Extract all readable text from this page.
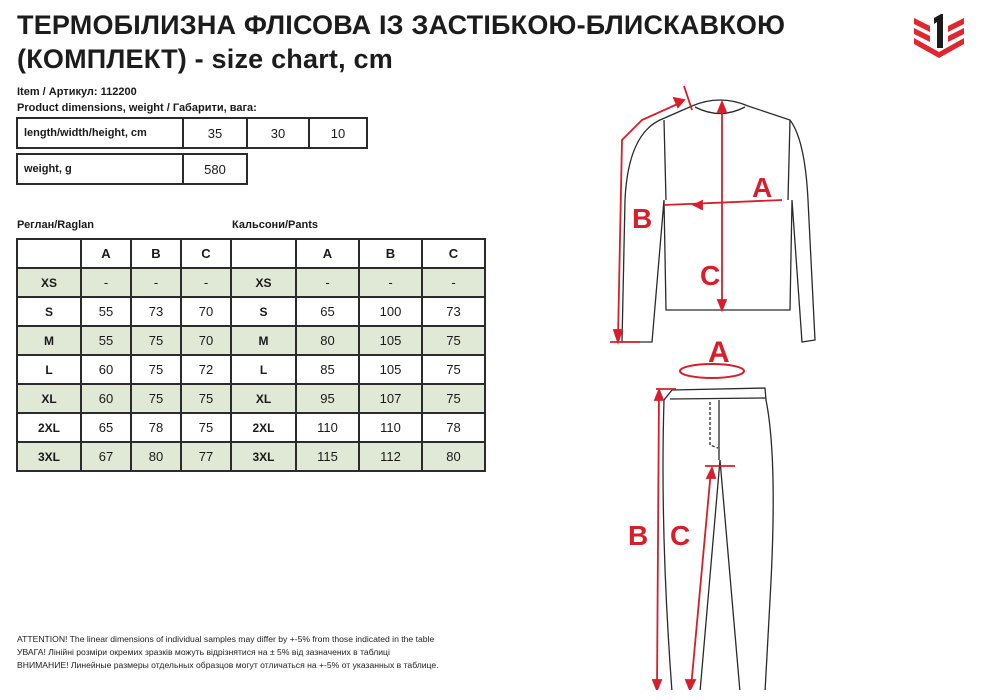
ТЕРМОБІЛИЗНА ФЛІСОВА ІЗ ЗАСТІБКОЮ-БЛИСКАВКОЮ
(КОМПЛЕКТ) - size chart, cm
Item / Артикул: 112200
Product dimensions, weight / Габарити, вага:
length/width/height, cm	35	30	10
weight, g	580
Реглан/Raglan	Кальсони/Pants
	A	B	C		A	B	C
XS	-	-	-	XS	-	-	-
S	55	73	70	S	65	100	73
M	55	75	70	M	80	105	75
L	60	75	72	L	85	105	75
XL	60	75	75	XL	95	107	75
2XL	65	78	75	2XL	110	110	78
3XL	67	80	77	3XL	115	112	80
ATTENTION! The linear dimensions of individual samples may differ by +-5% from those indicated in the table
УВАГА! Лінійні розміри окремих зразків можуть відрізнятися на ± 5% від зазначених в таблиці
ВНИМАНИЕ! Линейные размеры отдельных образцов могут отличаться на +-5% от указанных в таблице.
A
B
C
A
B C
